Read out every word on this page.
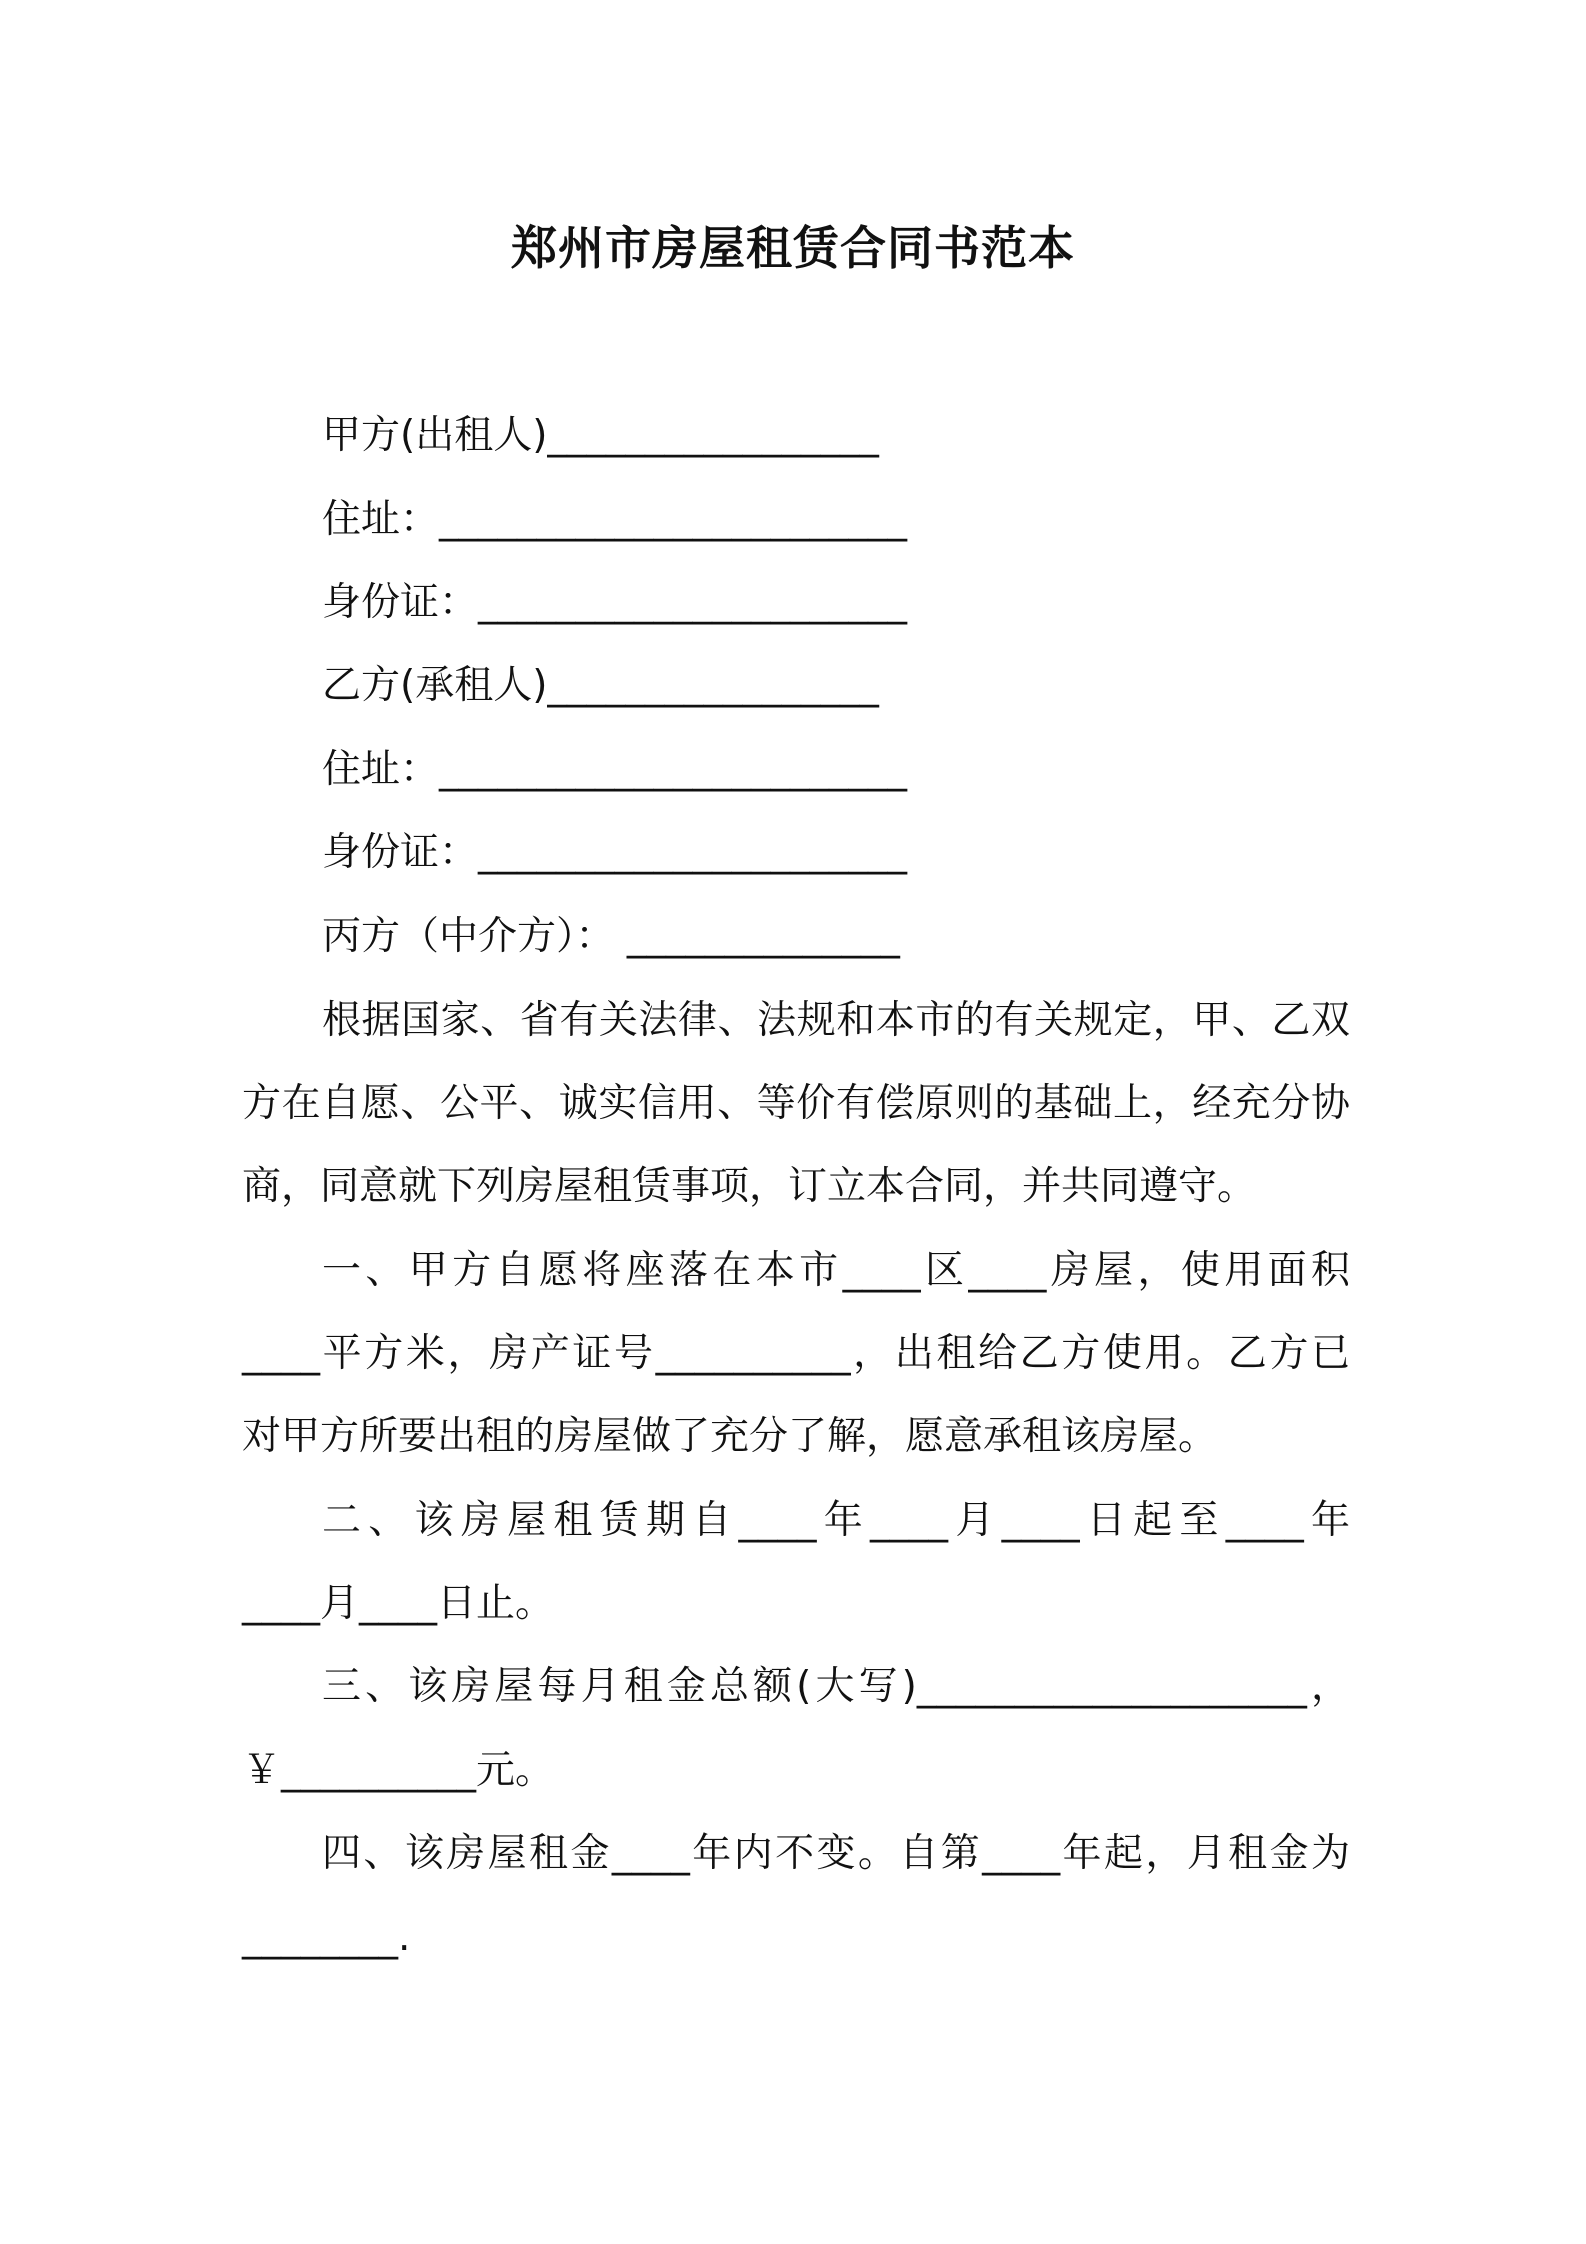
郑州市房屋租赁合同书范本
甲方(出租人)_________________
住址：________________________
身份证：______________________
乙方(承租人)_________________
住址：________________________
身份证：______________________
丙方（中介方）： ______________
根据国家、省有关法律、法规和本市的有关规定，甲、乙双
方在自愿、公平、诚实信用、等价有偿原则的基础上，经充分协
商，同意就下列房屋租赁事项，订立本合同，并共同遵守。
一、甲方自愿将座落在本市____区____房屋，使用面积
____平方米，房产证号__________，出租给乙方使用。乙方已
对甲方所要出租的房屋做了充分了解，愿意承租该房屋。
二、该房屋租赁期自____年____月____日起至____年
____月____日止。
三、该房屋每月租金总额(大写)____________________，
￥__________元。
四、该房屋租金____年内不变。自第____年起，月租金为
________.
